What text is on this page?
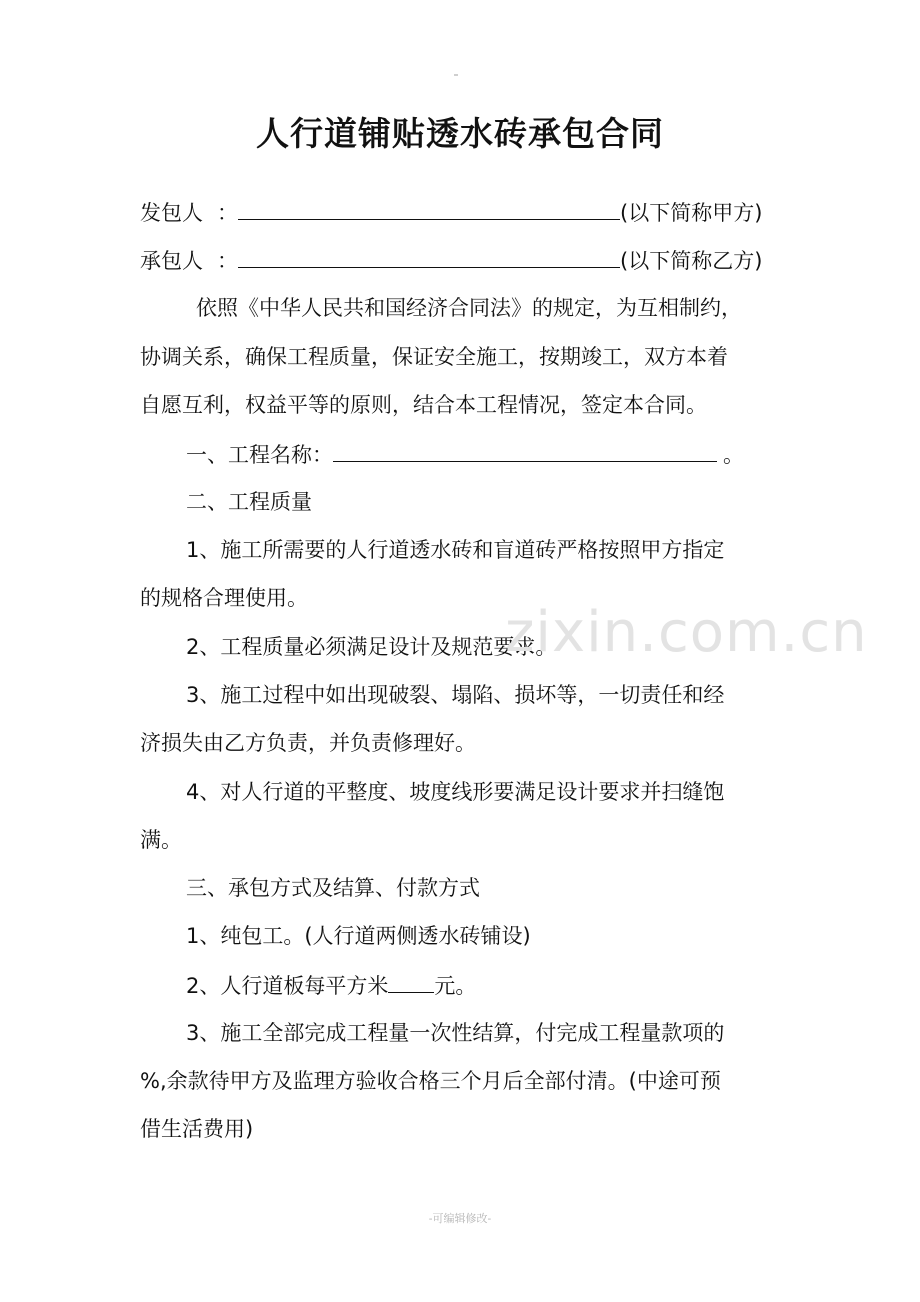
人行道铺贴透水砖承包合同
发包人 ：	(以下简称甲方)
承包人 ：	(以下简称乙方)
依照《中华人民共和国经济合同法》的规定，为互相制约，
协调关系，确保工程质量，保证安全施工，按期竣工，双方本着
自愿互利，权益平等的原则，结合本工程情况，签定本合同。
一、工程名称：	。
二、工程质量
1、施工所需要的人行道透水砖和盲道砖严格按照甲方指定
的规格合理使用。
2、工程质量必须满足设计及规范要求。
3、施工过程中如出现破裂、塌陷、损坏等，一切责任和经
济损失由乙方负责，并负责修理好。
4、对人行道的平整度、坡度线形要满足设计要求并扫缝饱
满。
三、承包方式及结算、付款方式
1、纯包工。(人行道两侧透水砖铺设)
2、人行道板每平方米 元。
3、施工全部完成工程量一次性结算，付完成工程量款项的
%,余款待甲方及监理方验收合格三个月后全部付清。(中途可预
借生活费用)
zixin.com.cn
-可编辑修改-
